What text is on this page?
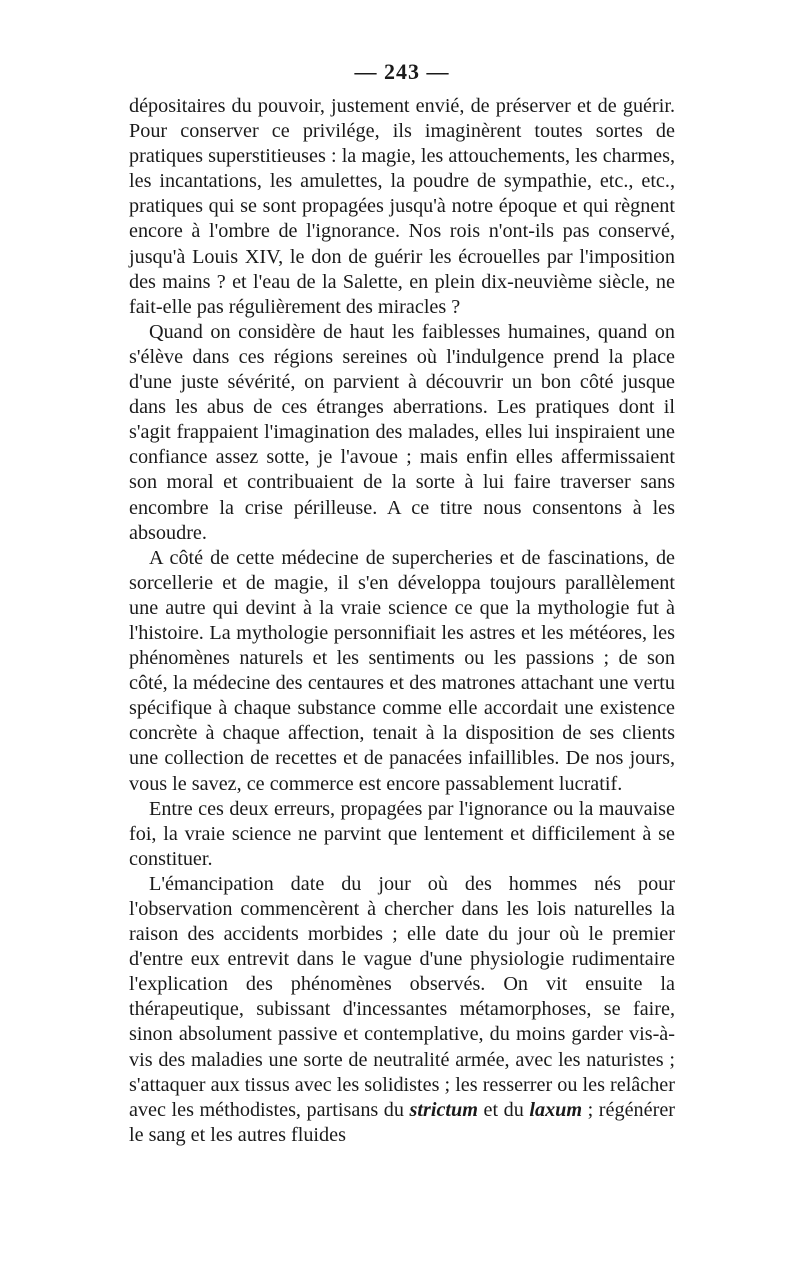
— 243 —

dépositaires du pouvoir, justement envié, de préserver et de guérir. Pour conserver ce privilége, ils imaginèrent toutes sortes de pratiques superstitieuses : la magie, les attouchements, les charmes, les incantations, les amulettes, la poudre de sympathie, etc., etc., pratiques qui se sont propagées jusqu'à notre époque et qui règnent encore à l'ombre de l'ignorance. Nos rois n'ont-ils pas conservé, jusqu'à Louis XIV, le don de guérir les écrouelles par l'imposition des mains ? et l'eau de la Salette, en plein dix-neuvième siècle, ne fait-elle pas régulièrement des miracles ?

Quand on considère de haut les faiblesses humaines, quand on s'élève dans ces régions sereines où l'indulgence prend la place d'une juste sévérité, on parvient à découvrir un bon côté jusque dans les abus de ces étranges aberrations. Les pratiques dont il s'agit frappaient l'imagination des malades, elles lui inspiraient une confiance assez sotte, je l'avoue ; mais enfin elles affermissaient son moral et contribuaient de la sorte à lui faire traverser sans encombre la crise périlleuse. A ce titre nous consentons à les absoudre.

A côté de cette médecine de supercheries et de fascinations, de sorcellerie et de magie, il s'en développa toujours parallèlement une autre qui devint à la vraie science ce que la mythologie fut à l'histoire. La mythologie personnifiait les astres et les météores, les phénomènes naturels et les sentiments ou les passions ; de son côté, la médecine des centaures et des matrones attachant une vertu spécifique à chaque substance comme elle accordait une existence concrète à chaque affection, tenait à la disposition de ses clients une collection de recettes et de panacées infaillibles. De nos jours, vous le savez, ce commerce est encore passablement lucratif.

Entre ces deux erreurs, propagées par l'ignorance ou la mauvaise foi, la vraie science ne parvint que lentement et difficilement à se constituer.

L'émancipation date du jour où des hommes nés pour l'observation commencèrent à chercher dans les lois naturelles la raison des accidents morbides ; elle date du jour où le premier d'entre eux entrevit dans le vague d'une physiologie rudimentaire l'explication des phénomènes observés. On vit ensuite la thérapeutique, subissant d'incessantes métamorphoses, se faire, sinon absolument passive et contemplative, du moins garder vis-à-vis des maladies une sorte de neutralité armée, avec les naturistes ; s'attaquer aux tissus avec les solidistes ; les resserrer ou les relâcher avec les méthodistes, partisans du strictum et du laxum ; régénérer le sang et les autres fluides
